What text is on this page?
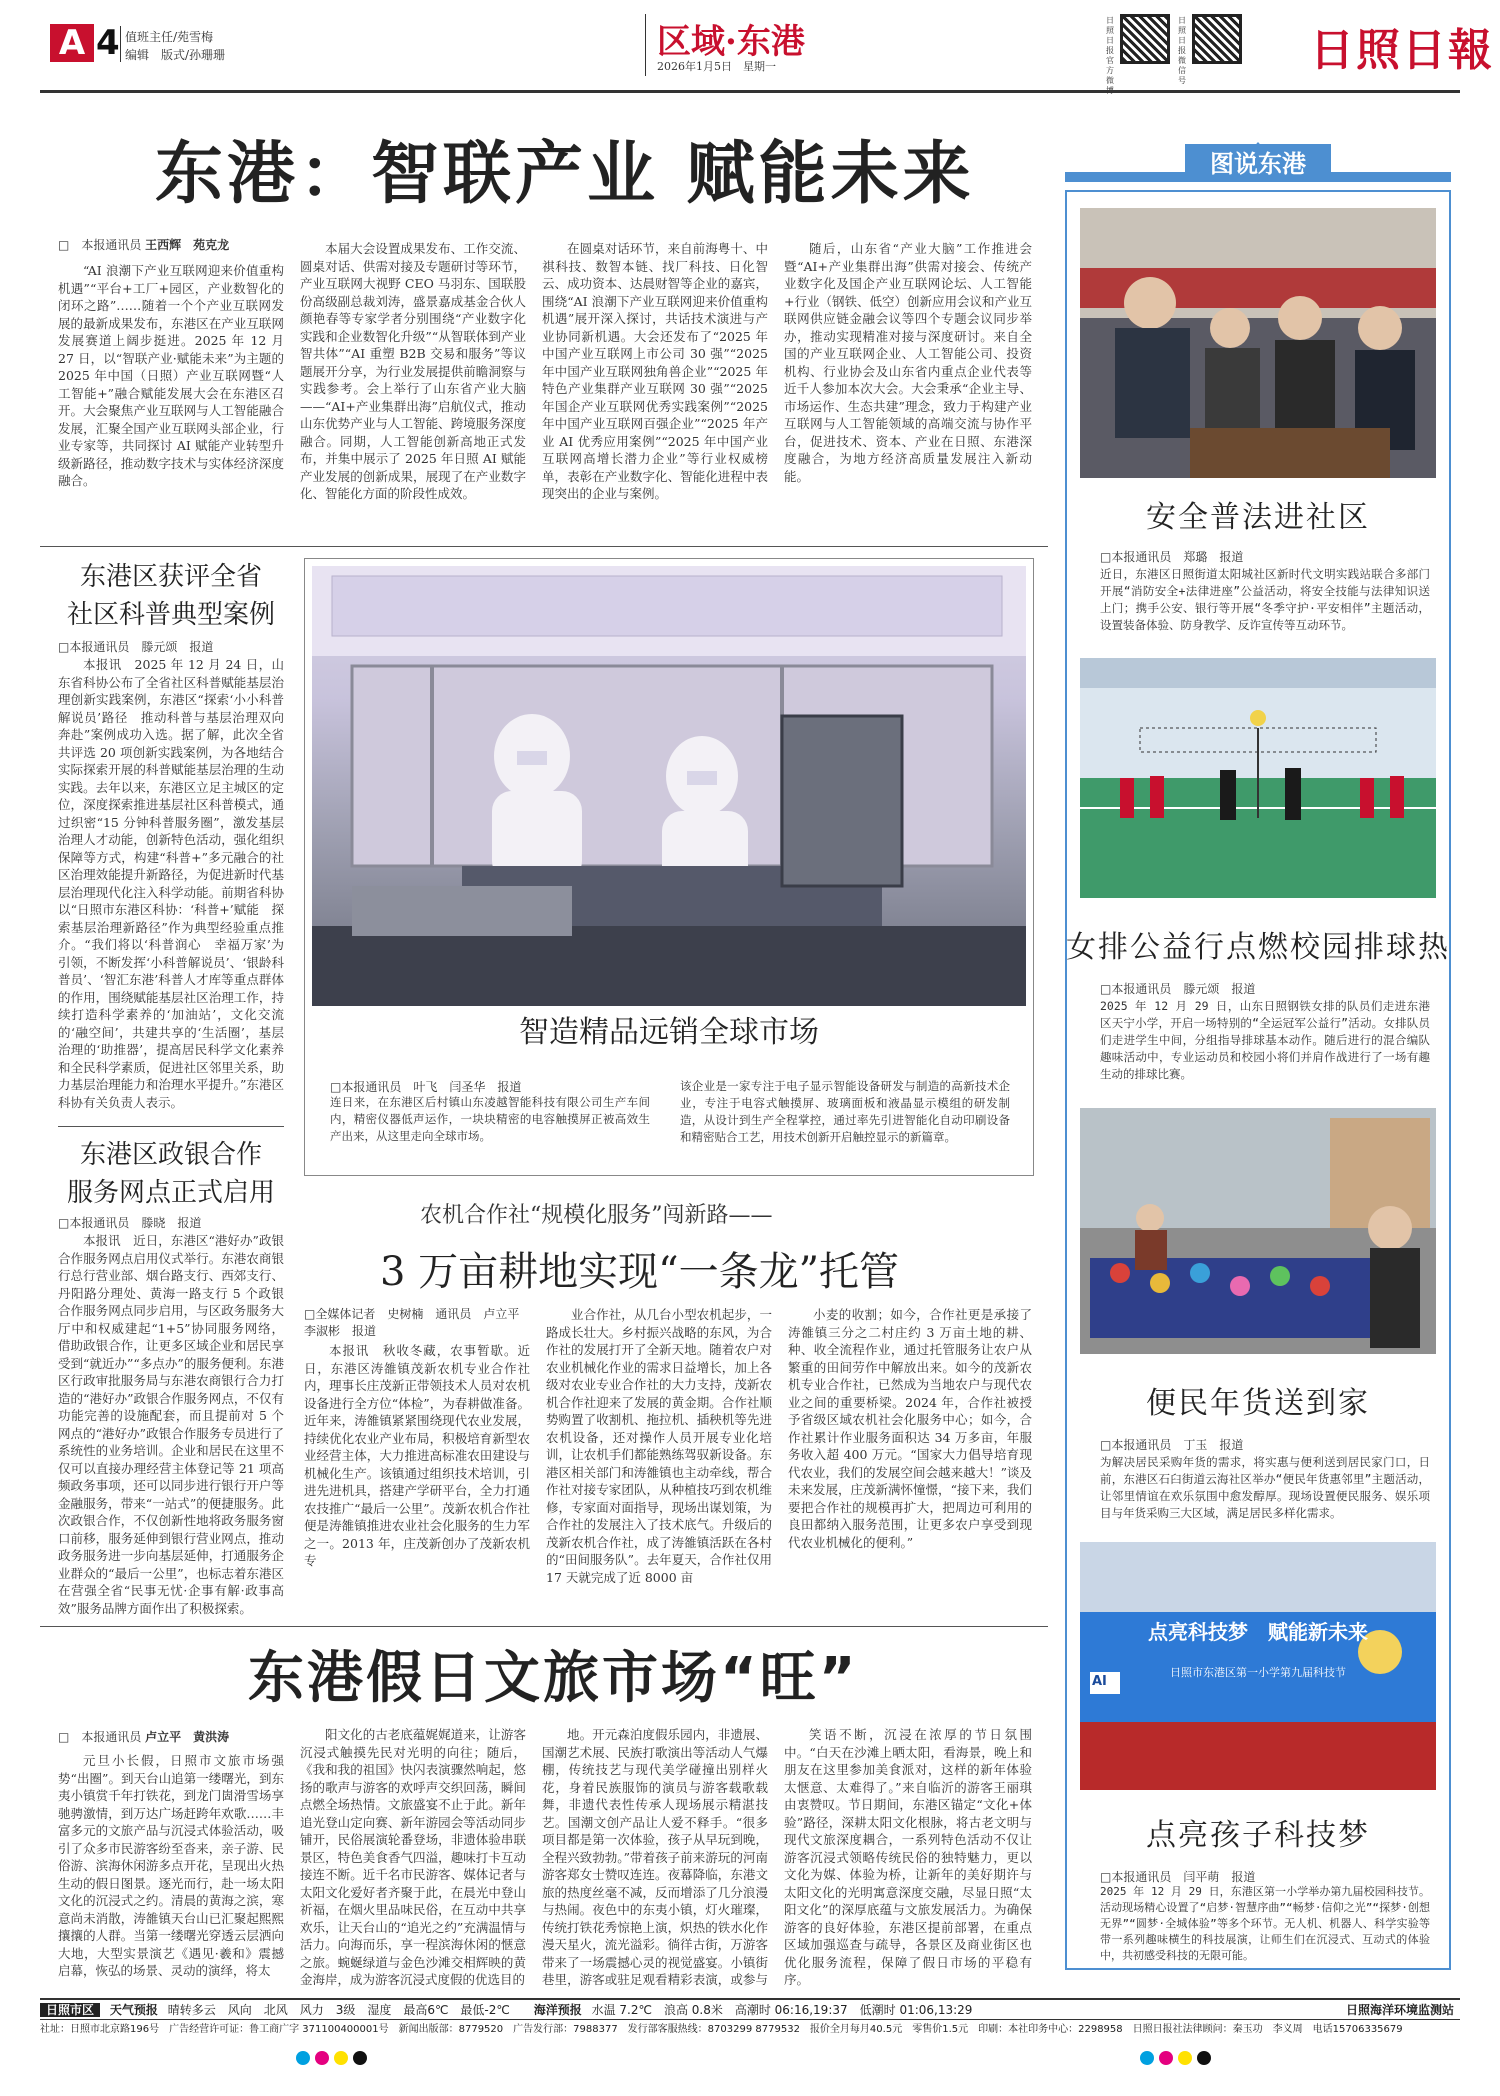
A 4 值班主任/苑雪梅
编辑　版式/孙珊珊	区域·东港
2026年1月5日　星期一
日照日报官方微
日照日报微信号
日照日報
东港：智联产业 赋能未来
□　本报通讯员 王西辉　苑克龙

“AI 浪潮下产业互联网迎来价值重构机遇”“平台+工厂+园区，产业数智化的闭环之路”……随着一个个产业互联网发展的最新成果发布，东港区在产业互联网发展赛道上阔步挺进。2025 年 12 月 27 日，以“智联产业·赋能未来”为主题的 2025 年中国（日照）产业互联网暨“人工智能+”融合赋能发展大会在东港区召开。大会聚焦产业互联网与人工智能融合发展，汇聚全国产业互联网头部企业，行业专家等，共同探讨 AI 赋能产业转型升级新路径，推动数字技术与实体经济深度融合。

本届大会设置成果发布、工作交流、圆桌对话、供需对接及专题研讨等环节，产业互联网大视野 CEO 马羽东、国联股份高级副总裁刘涛，盛景嘉成基金合伙人颜艳春等专家学者分别围绕“产业数字化实践和企业数智化升级”“从智联体到产业智共体”“AI 重塑 B2B 交易和服务”等议题展开分享，为行业发展提供前瞻洞察与实践参考。会上举行了山东省产业大脑——“AI+产业集群出海”启航仪式，推动山东优势产业与人工智能、跨境服务深度融合。同期，人工智能创新高地正式发布，并集中展示了 2025 年日照 AI 赋能产业发展的创新成果，展现了在产业数字化、智能化方面的阶段性成效。

在圆桌对话环节，来自前海粤十、中祺科技、数智本链、找厂科技、日化智云、成功资本、达晨财智等企业的嘉宾，围绕“AI 浪潮下产业互联网迎来价值重构机遇”展开深入探讨，共话技术演进与产业协同新机遇。大会还发布了“2025 年中国产业互联网上市公司 30 强”“2025 年中国产业互联网独角兽企业”“2025 年特色产业集群产业互联网 30 强”“2025 年国企产业互联网优秀实践案例”“2025 年中国产业互联网百强企业”“2025 年产业 AI 优秀应用案例”“2025 年中国产业互联网高增长潜力企业”等行业权威榜单，表彰在产业数字化、智能化进程中表现突出的企业与案例。

随后，山东省“产业大脑”工作推进会暨“AI+产业集群出海”供需对接会、传统产业数字化及国企产业互联网论坛、人工智能+行业（钢铁、低空）创新应用会议和产业互联网供应链金融会议等四个专题会议同步举办，推动实现精准对接与深度研讨。来自全国的产业互联网企业、人工智能公司、投资机构、行业协会及山东省内重点企业代表等近千人参加本次大会。大会秉承“企业主导、市场运作、生态共建”理念，致力于构建产业互联网与人工智能领域的高端交流与协作平台，促进技术、资本、产业在日照、东港深度融合，为地方经济高质量发展注入新动能。

东港区获评全省
社区科普典型案例
□本报通讯员　滕元颂　报道

本报讯　2025 年 12 月 24 日，山东省科协公布了全省社区科普赋能基层治理创新实践案例，东港区“探索‘小小科普解说员’路径　推动科普与基层治理双向奔赴”案例成功入选。据了解，此次全省共评选 20 项创新实践案例，为各地结合实际探索开展的科普赋能基层治理的生动实践。去年以来，东港区立足主城区的定位，深度探索推进基层社区科普模式，通过织密“15 分钟科普服务圈”，激发基层治理人才动能，创新特色活动，强化组织保障等方式，构建“科普+”多元融合的社区治理效能提升新路径，为促进新时代基层治理现代化注入科学动能。前期省科协以“日照市东港区科协：‘科普+’赋能　探索基层治理新路径”作为典型经验重点推介。“我们将以‘科普润心　幸福万家’为引领，不断发挥‘小科普解说员’、‘银龄科普员’、‘智汇东港’科普人才库等重点群体的作用，围绕赋能基层社区治理工作，持续打造科学素养的‘加油站’，文化交流的‘融空间’，共建共享的‘生活圈’，基层治理的‘助推器’，提高居民科学文化素养和全民科学素质，促进社区邻里关系，助力基层治理能力和治理水平提升。”东港区科协有关负责人表示。

东港区政银合作
服务网点正式启用
□本报通讯员　滕晓　报道

本报讯　近日，东港区“港好办”政银合作服务网点启用仪式举行。东港农商银行总行营业部、烟台路支行、西郊支行、丹阳路分理处、黄海一路支行 5 个政银合作服务网点同步启用，与区政务服务大厅中和权威建起“1+5”协同服务网络，借助政银合作，让更多区域企业和居民享受到“就近办”“多点办”的服务便利。东港区行政审批服务局与东港农商银行合力打造的“港好办”政银合作服务网点，不仅有功能完善的设施配套，而且提前对 5 个网点的“港好办”政银合作服务专员进行了系统性的业务培训。企业和居民在这里不仅可以直接办理经营主体登记等 21 项高频政务事项，还可以同步进行银行开户等金融服务，带来“一站式”的便捷服务。此次政银合作，不仅创新性地将政务服务窗口前移，服务延伸到银行营业网点，推动政务服务进一步向基层延伸，打通服务企业群众的“最后一公里”，也标志着东港区在营强全省“民事无忧·企事有解·政事高效”服务品牌方面作出了积极探索。

智造精品远销全球市场
□本报通讯员　叶飞　闫圣华　报道
连日来，在东港区后村镇山东凌越智能科技有限公司生产车间内，精密仪器低声运作，一块块精密的电容触摸屏正被高效生产出来，从这里走向全球市场。
该企业是一家专注于电子显示智能设备研发与制造的高新技术企业，专注于电容式触摸屏、玻璃面板和液晶显示模组的研发制造，从设计到生产全程掌控，通过率先引进智能化自动印刷设备和精密贴合工艺，用技术创新开启触控显示的新篇章。
农机合作社“规模化服务”闯新路——
3 万亩耕地实现“一条龙”托管
□全媒体记者　史树楠　通讯员　卢立平　李淑彬　报道

本报讯　秋收冬藏，农事暂歇。近日，东港区涛雒镇茂新农机专业合作社内，理事长庄茂新正带领技术人员对农机设备进行全方位“体检”，为春耕做准备。近年来，涛雒镇紧紧围绕现代农业发展，持续优化农业产业布局，积极培育新型农业经营主体，大力推进高标准农田建设与机械化生产。该镇通过组织技术培训，引进先进机具，搭建产学研平台，全力打通农技推广“最后一公里”。茂新农机合作社便是涛雒镇推进农业社会化服务的生力军之一。2013 年，庄茂新创办了茂新农机专

业合作社，从几台小型农机起步，一路成长壮大。乡村振兴战略的东风，为合作社的发展打开了全新天地。随着农户对农业机械化作业的需求日益增长，加上各级对农业专业合作社的大力支持，茂新农机合作社迎来了发展的黄金期。合作社顺势购置了收割机、拖拉机、插秧机等先进农机设备，还对操作人员开展专业化培训，让农机手们都能熟练驾驭新设备。东港区相关部门和涛雒镇也主动牵线，帮合作社对接专家团队，从种植技巧到农机维修，专家面对面指导，现场出谋划策，为合作社的发展注入了技术底气。升级后的茂新农机合作社，成了涛雒镇活跃在各村的“田间服务队”。去年夏天，合作社仅用 17 天就完成了近 8000 亩

小麦的收割；如今，合作社更是承接了涛雒镇三分之二村庄约 3 万亩土地的耕、种、收全流程作业，通过托管服务让农户从繁重的田间劳作中解放出来。如今的茂新农机专业合作社，已然成为当地农户与现代农业之间的重要桥梁。2024 年，合作社被授予省级区域农机社会化服务中心；如今，合作社累计作业服务面积达 34 万多亩，年服务收入超 400 万元。“国家大力倡导培育现代农业，我们的发展空间会越来越大！”谈及未来发展，庄茂新满怀憧憬，“接下来，我们要把合作社的规模再扩大，把周边可利用的良田都纳入服务范围，让更多农户享受到现代农业机械化的便利。”

东港假日文旅市场“旺”
□　本报通讯员 卢立平　黄洪涛

元旦小长假，日照市文旅市场强势“出圈”。到天台山追第一缕曙光，到东夷小镇赏千年打铁花，到龙门崮滑雪场享驰骋激情，到万达广场赶跨年欢歌……丰富多元的文旅产品与沉浸式体验活动，吸引了众多市民游客纷至沓来，亲子游、民俗游、滨海休闲游多点开花，呈现出火热生动的假日图景。逐光而行，赴一场太阳文化的沉浸式之约。清晨的黄海之滨，寒意尚未消散，涛雒镇天台山已汇聚起熙熙攘攘的人群。当第一缕曙光穿透云层洒向大地，大型实景演艺《遇见·羲和》震撼启幕，恢弘的场景、灵动的演绎，将太

阳文化的古老底蕴娓娓道来，让游客沉浸式触摸先民对光明的向往；随后，《我和我的祖国》快闪表演骤然响起，悠扬的歌声与游客的欢呼声交织回荡，瞬间点燃全场热情。文旅盛宴不止于此。新年追光登山定向赛、新年游园会等活动同步铺开，民俗展演轮番登场，非遗体验串联景区，特色美食香气四溢，趣味打卡互动接连不断。近千名市民游客、媒体记者与太阳文化爱好者齐聚于此，在晨光中登山祈福，在烟火里品味民俗，在互动中共享欢乐，让天台山的“追光之约”充满温情与活力。向海而乐，享一程滨海休闲的惬意之旅。蜿蜒绿道与金色沙滩交相辉映的黄金海岸，成为游客沉浸式度假的优选目的

地。开元森泊度假乐园内，非遗展、国潮艺术展、民族打歌演出等活动人气爆棚，传统技艺与现代美学碰撞出别样火花，身着民族服饰的演员与游客载歌载舞，非遗代表性传承人现场展示精湛技艺。国潮文创产品让人爱不释手。“很多项目都是第一次体验，孩子从早玩到晚，全程兴致勃勃。”带着孩子前来游玩的河南游客郑女士赞叹连连。夜幕降临，东港文旅的热度丝毫不减，反而增添了几分浪漫与热闹。夜色中的东夷小镇，灯火璀璨，传统打铁花秀惊艳上演，炽热的铁水化作漫天星火，流光溢彩。徜徉古街，万游客带来了一场震撼心灵的视觉盛宴。小镇街巷里，游客或驻足观看精彩表演，或参与

笑语不断，沉浸在浓厚的节日氛围中。“白天在沙滩上晒太阳，看海景，晚上和朋友在这里参加美食派对，这样的新年体验太惬意、太难得了。”来自临沂的游客王丽琪由衷赞叹。节日期间，东港区锚定“文化+体验”路径，深耕太阳文化根脉，将古老文明与现代文旅深度耦合，一系列特色活动不仅让游客沉浸式领略传统民俗的独特魅力，更以文化为媒、体验为桥，让新年的美好期许与太阳文化的光明寓意深度交融，尽显日照“太阳文化”的深厚底蕴与文旅发展活力。为确保游客的良好体验，东港区提前部署，在重点区域加强巡查与疏导，各景区及商业街区也优化服务流程，保障了假日市场的平稳有序。

图说东港
安全普法进社区
□本报通讯员　郑璐　报道
近日，东港区日照街道太阳城社区新时代文明实践站联合多部门开展“消防安全+法律进座”公益活动，将安全技能与法律知识送上门；携手公安、银行等开展“冬季守护·平安相伴”主题活动，设置装备体验、防身教学、反诈宣传等互动环节。
女排公益行点燃校园排球热
□本报通讯员　滕元颂　报道
2025 年 12 月 29 日，山东日照钢铁女排的队员们走进东港区天宁小学，开启一场特别的“全运冠军公益行”活动。女排队员们走进学生中间，分组指导排球基本动作。随后进行的混合编队趣味活动中，专业运动员和校园小将们并肩作战进行了一场有趣生动的排球比赛。
便民年货送到家
□本报通讯员　丁玉　报道
为解决居民采购年货的需求，将实惠与便利送到居民家门口，日前，东港区石臼街道云海社区举办“便民年货惠邻里”主题活动，让邻里情谊在欢乐氛围中愈发醇厚。现场设置便民服务、娱乐项目与年货采购三大区域，满足居民多样化需求。
点亮科技梦　赋能新未来
日照市东港区第一小学第九届科技节
AI
点亮孩子科技梦
□本报通讯员　闫平萌　报道
2025 年 12 月 29 日，东港区第一小学举办第九届校园科技节。活动现场精心设置了“启梦·智慧序曲”“畅梦·信仰之光”“探梦·创想无界”“圆梦·全城体验”等多个环节。无人机、机器人、科学实验等带一系列趣味横生的科技展演，让师生们在沉浸式、互动式的体验中，共初感受科技的无限可能。
日照市区 天气预报 晴转多云　风向　北风　风力　3级　湿度　最高6℃　最低-2℃ 海洋预报 水温 7.2℃　浪高 0.8米　高潮时 06:16,19:37　低潮时 01:06,13:29	日照海洋环境监测站
社址：日照市北京路196号　广告经营许可证：鲁工商广字 371100400001号　新闻出版部：8779520　广告发行部：7988377　发行部客服热线：8703299 8779532　报价全月每月40.5元　零售价1.5元　印刷：本社印务中心：2298958　日照日报社法律顾问：秦玉功　李义周　电话15706335679
